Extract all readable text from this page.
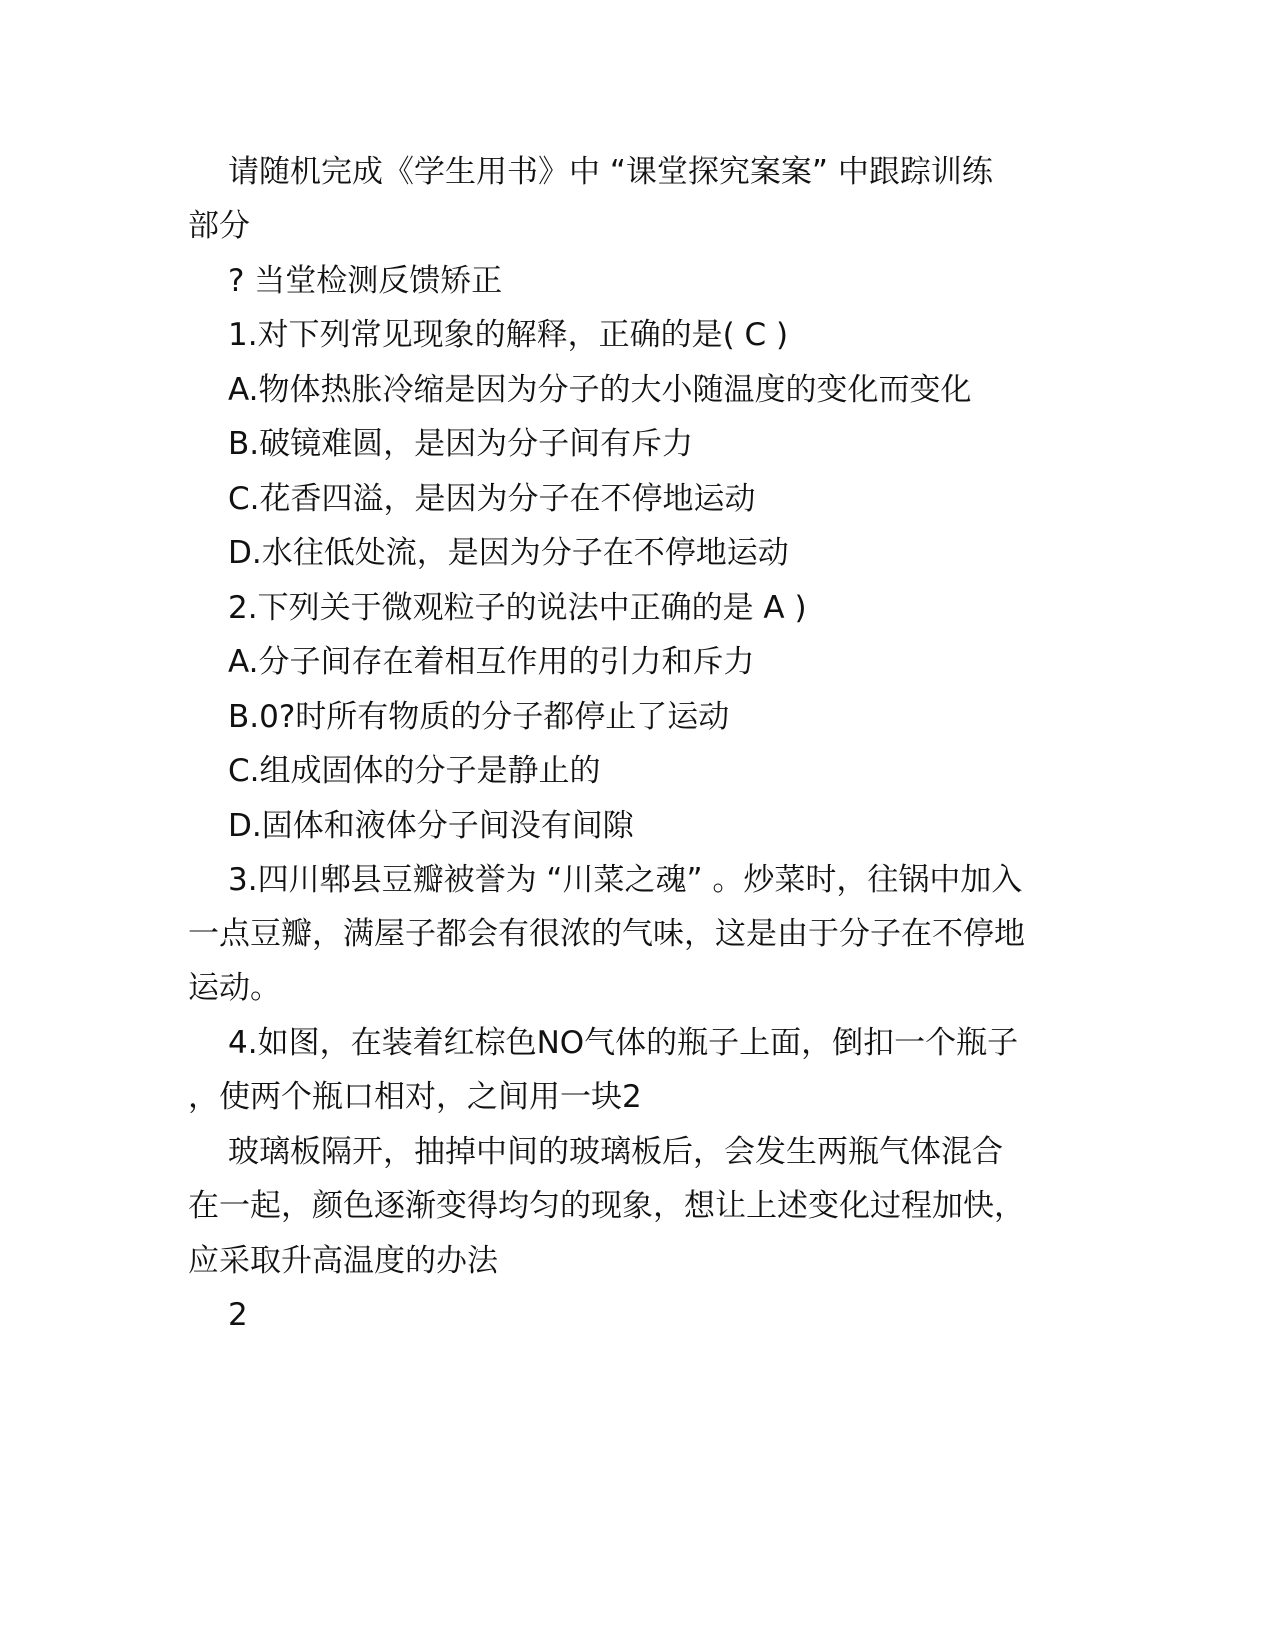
请随机完成《学生用书》中 “课堂探究案案” 中跟踪训练

部分

? 当堂检测反馈矫正

1.对下列常见现象的解释，正确的是( C )

A.物体热胀冷缩是因为分子的大小随温度的变化而变化

B.破镜难圆，是因为分子间有斥力

C.花香四溢，是因为分子在不停地运动

D.水往低处流，是因为分子在不停地运动

2.下列关于微观粒子的说法中正确的是 A )

A.分子间存在着相互作用的引力和斥力

B.0?时所有物质的分子都停止了运动

C.组成固体的分子是静止的

D.固体和液体分子间没有间隙

3.四川郫县豆瓣被誉为 “川菜之魂” 。炒菜时，往锅中加入

一点豆瓣，满屋子都会有很浓的气味，这是由于分子在不停地

运动。

4.如图，在装着红棕色NO气体的瓶子上面，倒扣一个瓶子

，使两个瓶口相对，之间用一块2

玻璃板隔开，抽掉中间的玻璃板后，会发生两瓶气体混合

在一起，颜色逐渐变得均匀的现象，想让上述变化过程加快，

应采取升高温度的办法

2
